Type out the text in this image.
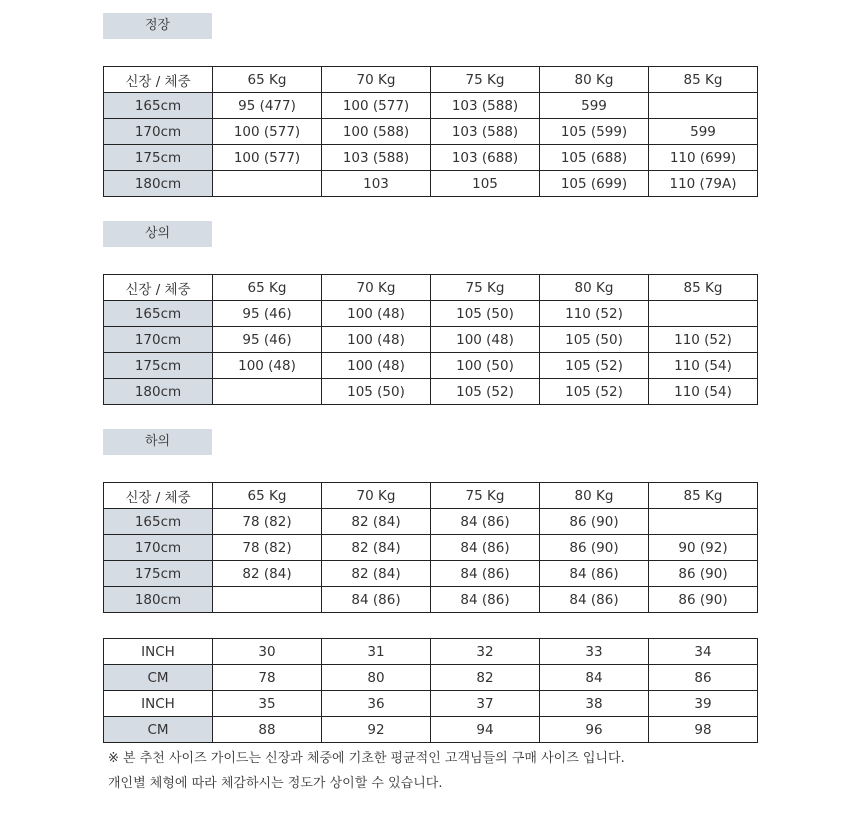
정장
신장 / 체중	65 Kg	70 Kg	75 Kg	80 Kg	85 Kg
165cm	95 (477)	100 (577)	103 (588)	599	
170cm	100 (577)	100 (588)	103 (588)	105 (599)	599
175cm	100 (577)	103 (588)	103 (688)	105 (688)	110 (699)
180cm		103	105	105 (699)	110 (79A)
상의
신장 / 체중	65 Kg	70 Kg	75 Kg	80 Kg	85 Kg
165cm	95 (46)	100 (48)	105 (50)	110 (52)	
170cm	95 (46)	100 (48)	100 (48)	105 (50)	110 (52)
175cm	100 (48)	100 (48)	100 (50)	105 (52)	110 (54)
180cm		105 (50)	105 (52)	105 (52)	110 (54)
하의
신장 / 체중	65 Kg	70 Kg	75 Kg	80 Kg	85 Kg
165cm	78 (82)	82 (84)	84 (86)	86 (90)	
170cm	78 (82)	82 (84)	84 (86)	86 (90)	90 (92)
175cm	82 (84)	82 (84)	84 (86)	84 (86)	86 (90)
180cm		84 (86)	84 (86)	84 (86)	86 (90)
INCH	30	31	32	33	34
CM	78	80	82	84	86
INCH	35	36	37	38	39
CM	88	92	94	96	98
※ 본 추천 사이즈 가이드는 신장과 체중에 기초한 평균적인 고객님들의 구매 사이즈 입니다.
개인별 체형에 따라 체감하시는 정도가 상이할 수 있습니다.
